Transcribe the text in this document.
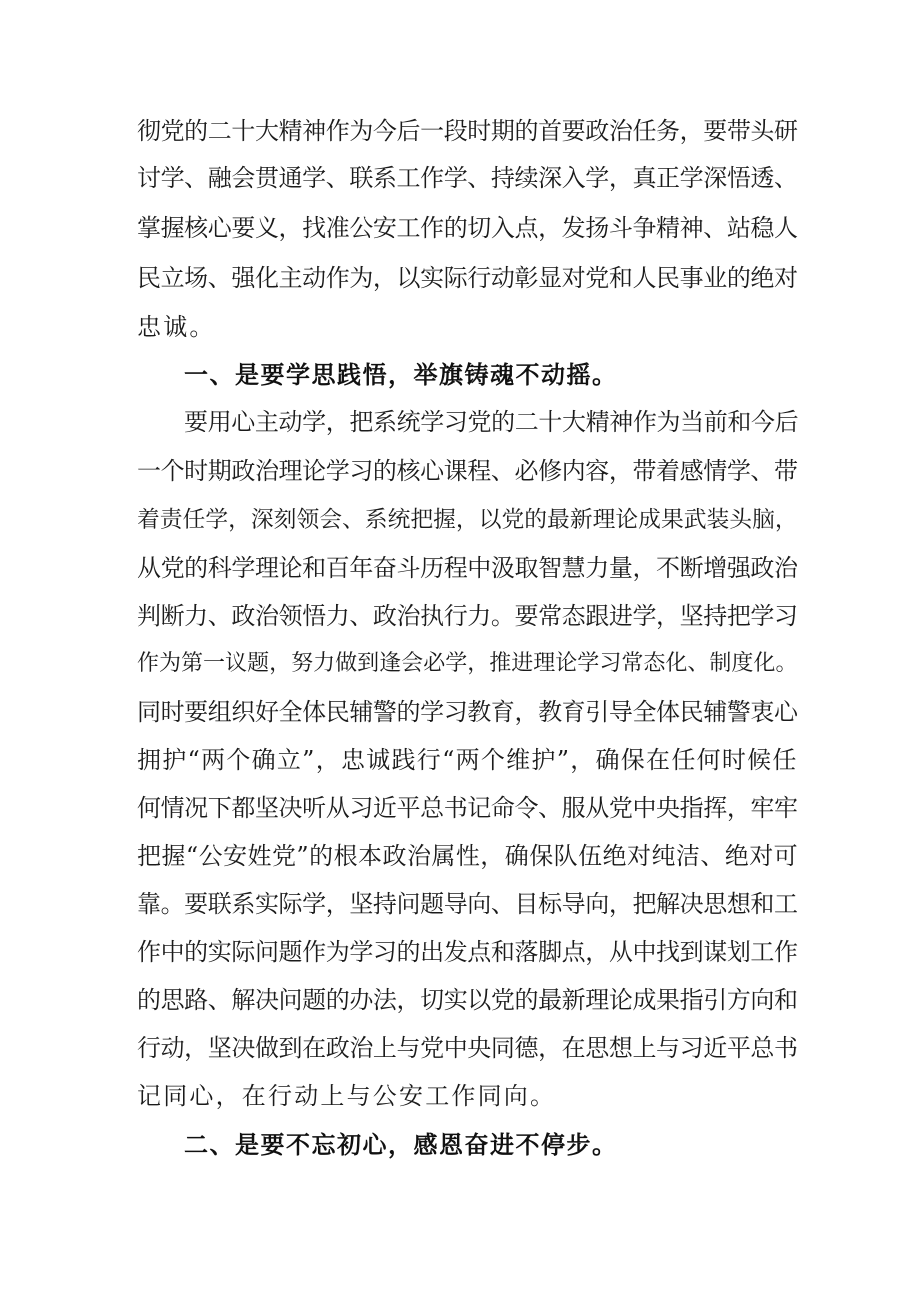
彻党的二十大精神作为今后一段时期的首要政治任务，要带头研
讨学、融会贯通学、联系工作学、持续深入学，真正学深悟透、
掌握核心要义，找准公安工作的切入点，发扬斗争精神、站稳人
民立场、强化主动作为，以实际行动彰显对党和人民事业的绝对
忠诚。
一、是要学思践悟，举旗铸魂不动摇。
要用心主动学，把系统学习党的二十大精神作为当前和今后
一个时期政治理论学习的核心课程、必修内容，带着感情学、带
着责任学，深刻领会、系统把握，以党的最新理论成果武装头脑，
从党的科学理论和百年奋斗历程中汲取智慧力量，不断增强政治
判断力、政治领悟力、政治执行力。要常态跟进学，坚持把学习
作为第一议题，努力做到逢会必学，推进理论学习常态化、制度化。
同时要组织好全体民辅警的学习教育，教育引导全体民辅警衷心
拥护“两个确立”，忠诚践行“两个维护”，确保在任何时候任
何情况下都坚决听从习近平总书记命令、服从党中央指挥，牢牢
把握“公安姓党”的根本政治属性，确保队伍绝对纯洁、绝对可
靠。要联系实际学，坚持问题导向、目标导向，把解决思想和工
作中的实际问题作为学习的出发点和落脚点，从中找到谋划工作
的思路、解决问题的办法，切实以党的最新理论成果指引方向和
行动，坚决做到在政治上与党中央同德，在思想上与习近平总书
记同心，在行动上与公安工作同向。
二、是要不忘初心，感恩奋进不停步。
